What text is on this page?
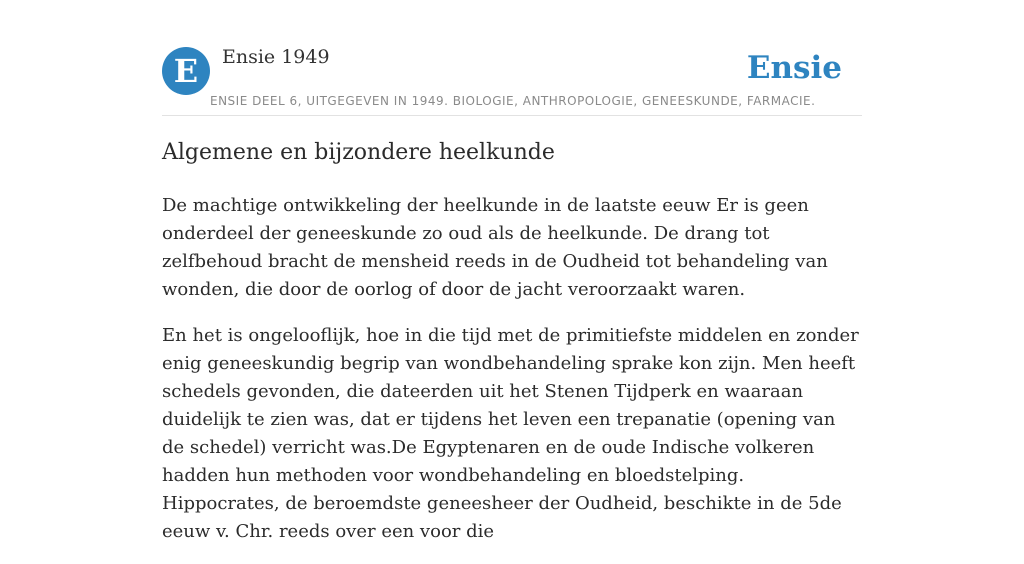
E	Ensie 1949	Ensie
ENSIE DEEL 6, UITGEGEVEN IN 1949. BIOLOGIE, ANTHROPOLOGIE, GENEESKUNDE, FARMACIE.
Algemene en bijzondere heelkunde

De machtige ontwikkeling der heelkunde in de laatste eeuw Er is geen onderdeel der geneeskunde zo oud als de heelkunde. De drang tot zelfbehoud bracht de mensheid reeds in de Oudheid tot behandeling van wonden, die door de oorlog of door de jacht veroorzaakt waren.

En het is ongelooflijk, hoe in die tijd met de primitiefste middelen en zonder enig geneeskundig begrip van wondbehandeling sprake kon zijn. Men heeft schedels gevonden, die dateerden uit het Stenen Tijdperk en waaraan duidelijk te zien was, dat er tijdens het leven een trepanatie (opening van de schedel) verricht was.De Egyptenaren en de oude Indische volkeren hadden hun methoden voor wondbehandeling en bloedstelping. Hippocrates, de beroemdste geneesheer der Oudheid, beschikte in de 5de eeuw v. Chr. reeds over een voor die
